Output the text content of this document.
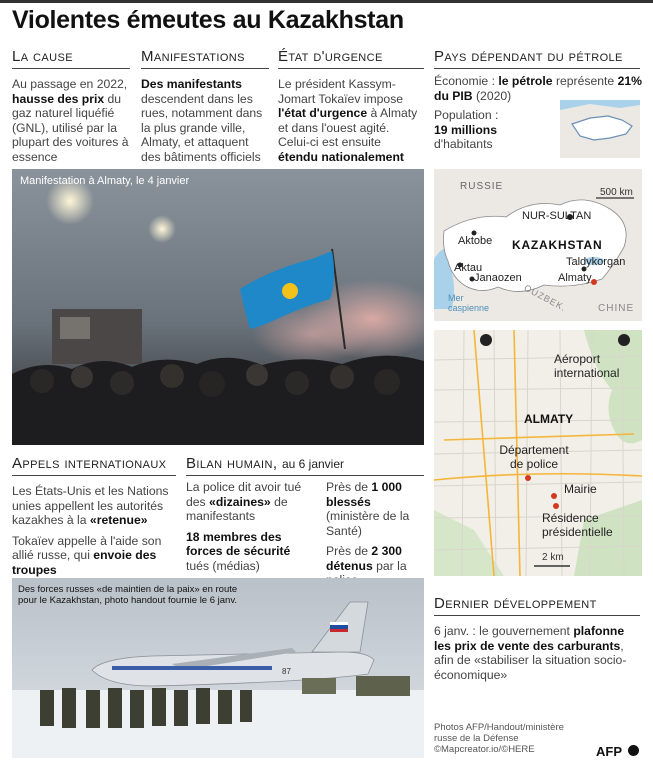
Violentes émeutes au Kazakhstan
La cause
Au passage en 2022, hausse des prix du gaz naturel liquéfié (GNL), utilisé par la plupart des voitures à essence
Manifestations
Des manifestants descendent dans les rues, notamment dans la plus grande ville, Almaty, et attaquent des bâtiments officiels
État d'urgence
Le président Kassym-Jomart Tokaïev impose l'état d'urgence à Almaty et dans l'ouest agité. Celui-ci est ensuite étendu nationalement
Pays dépendant du pétrole
Économie : le pétrole représente 21% du PIB (2020)
Population :
19 millions
d'habitants
Manifestation à Almaty, le 4 janvier	RUSSIE
500 km
NUR-SULTAN
Aktobe KAZAKHSTAN
Aktau
Janaozen
Taldykorgan
Almaty
Mer caspienne	OUZBEK.	CHINE
Aéroport international
ALMATY
Département de police
Mairie
Résidence présidentielle
2 km
Appels internationaux
Les États-Unis et les Nations unies appellent les autorités kazakhes à la «retenue»
Tokaïev appelle à l'aide son allié russe, qui envoie des troupes
Bilan humain, au 6 janvier
La police dit avoir tué des «dizaines» de manifestants
18 membres des forces de sécurité tués (médias)
Près de 1 000 blessés (ministère de la Santé)
Près de 2 300 détenus par la
87
Des forces russes «de maintien de la paix» en route pour le Kazakhstan, photo handout fournie le 6 janv.	Dernier développement
6 janv. : le gouvernement plafonne les prix de vente des carburants, afin de «stabiliser la situation socio-économique»
Photos AFP/Handout/ministère
russe de la Défense
©Mapcreator.io/©HERE	AFP
